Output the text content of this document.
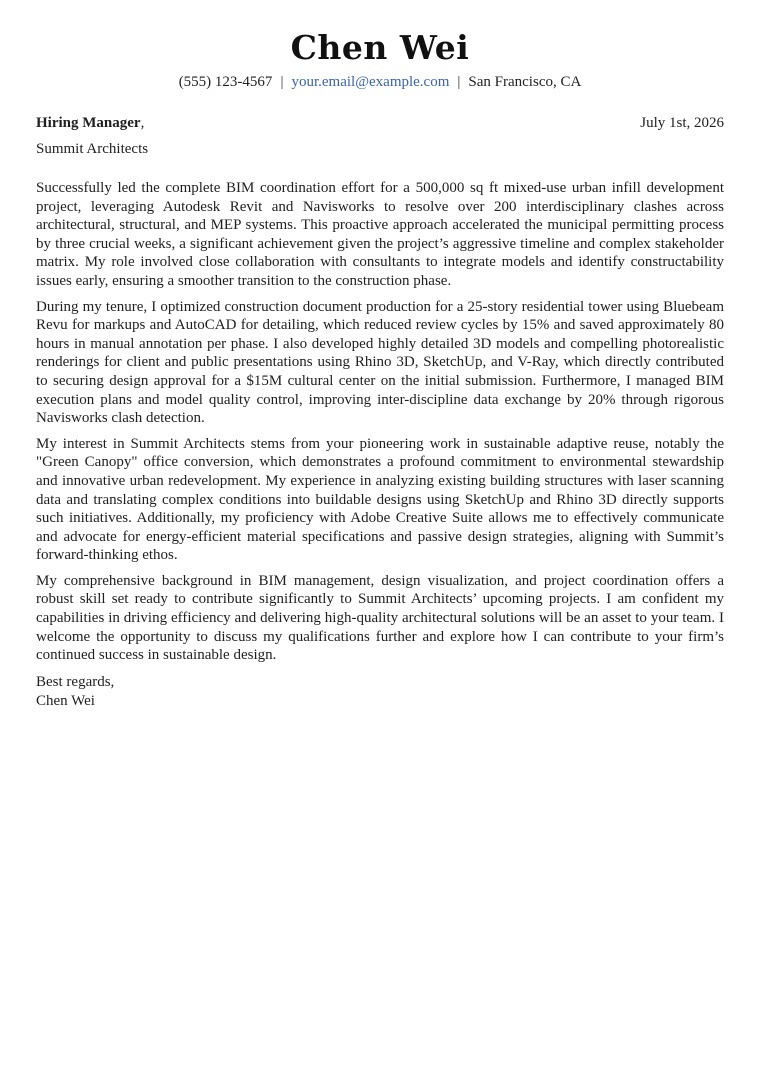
Chen Wei
(555) 123-4567 | your.email@example.com | San Francisco, CA
Hiring Manager,	July 1st, 2026
Summit Architects

Successfully led the complete BIM coordination effort for a 500,000 sq ft mixed-use urban infill development project, leveraging Autodesk Revit and Navisworks to resolve over 200 interdisciplinary clashes across architectural, structural, and MEP systems. This proactive approach accelerated the municipal permitting process by three crucial weeks, a significant achievement given the project’s aggressive timeline and complex stakeholder matrix. My role involved close collaboration with consultants to integrate models and identify constructability issues early, ensuring a smoother transition to the construction phase.

During my tenure, I optimized construction document production for a 25-story residential tower using Bluebeam Revu for markups and AutoCAD for detailing, which reduced review cycles by 15% and saved approximately 80 hours in manual annotation per phase. I also developed highly detailed 3D models and compelling photorealistic renderings for client and public presentations using Rhino 3D, SketchUp, and V-Ray, which directly contributed to securing design approval for a $15M cultural center on the initial submission. Furthermore, I managed BIM execution plans and model quality control, improving inter-discipline data exchange by 20% through rigorous Navisworks clash detection.

My interest in Summit Architects stems from your pioneering work in sustainable adaptive reuse, notably the "Green Canopy" office conversion, which demonstrates a profound commitment to environmental stewardship and innovative urban redevelopment. My experience in analyzing existing building structures with laser scanning data and translating complex conditions into buildable designs using SketchUp and Rhino 3D directly supports such initiatives. Additionally, my proficiency with Adobe Creative Suite allows me to effectively communicate and advocate for energy-efficient material specifications and passive design strategies, aligning with Summit’s forward-thinking ethos.

My comprehensive background in BIM management, design visualization, and project coordination offers a robust skill set ready to contribute significantly to Summit Architects’ upcoming projects. I am confident my capabilities in driving efficiency and delivering high-quality architectural solutions will be an asset to your team. I welcome the opportunity to discuss my qualifications further and explore how I can contribute to your firm’s continued success in sustainable design.

Best regards,
Chen Wei
